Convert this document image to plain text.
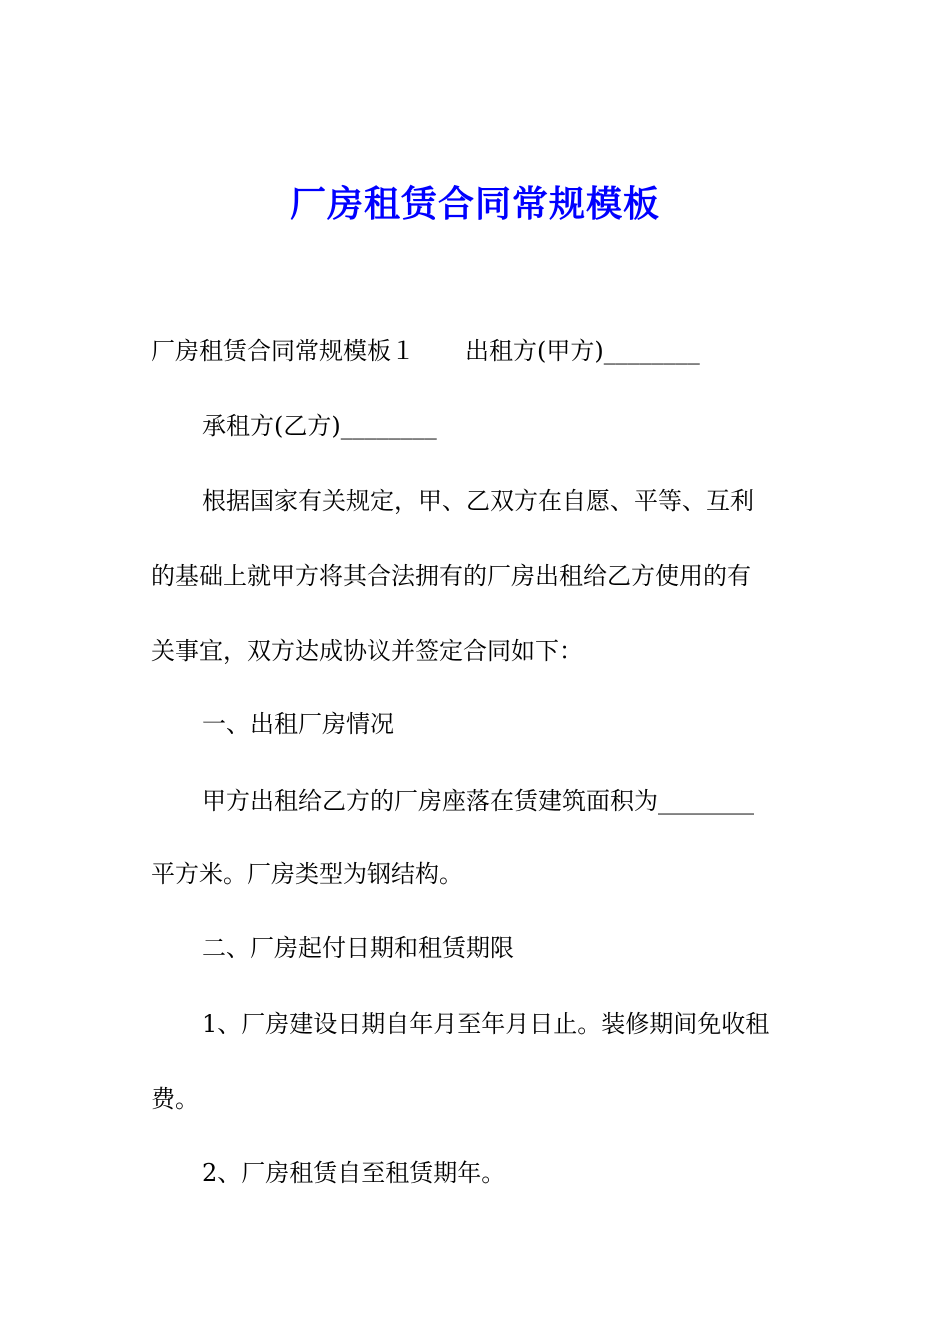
厂房租赁合同常规模板
厂房租赁合同常规模板１ 出租方(甲方)________
承租方(乙方)________
根据国家有关规定，甲、乙双方在自愿、平等、互利
的基础上就甲方将其合法拥有的厂房出租给乙方使用的有
关事宜，双方达成协议并签定合同如下：
一、出租厂房情况
甲方出租给乙方的厂房座落在赁建筑面积为________
平方米。厂房类型为钢结构。
二、厂房起付日期和租赁期限
1、厂房建设日期自年月至年月日止。装修期间免收租
费。
2、厂房租赁自至租赁期年。
